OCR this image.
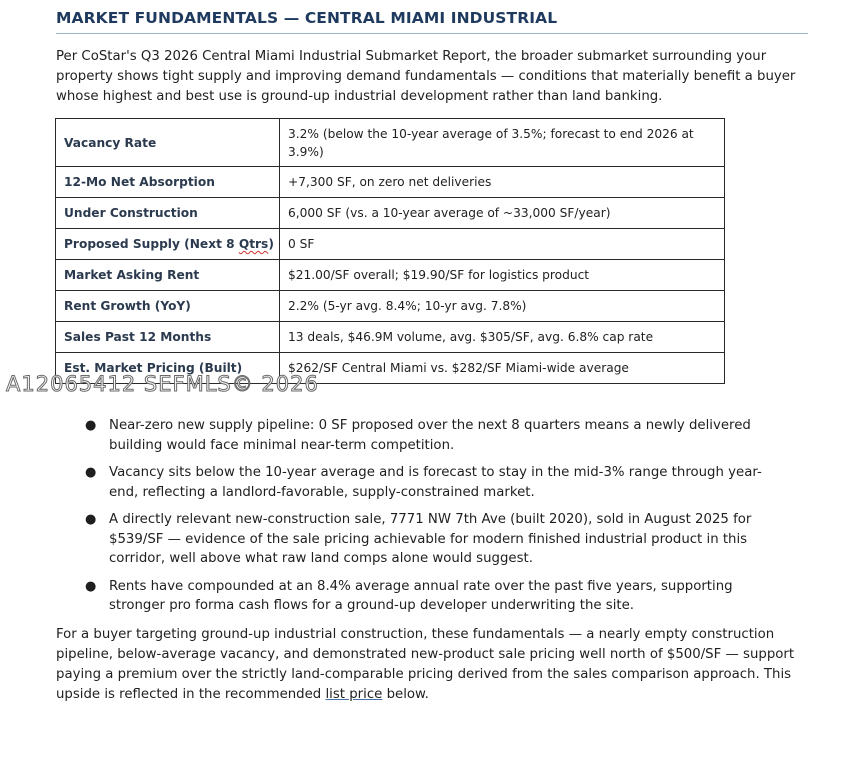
MARKET FUNDAMENTALS — CENTRAL MIAMI INDUSTRIAL

Per CoStar's Q3 2026 Central Miami Industrial Submarket Report, the broader submarket surrounding your property shows tight supply and improving demand fundamentals — conditions that materially benefit a buyer whose highest and best use is ground-up industrial development rather than land banking.

Vacancy Rate	3.2% (below the 10-year average of 3.5%; forecast to end 2026 at 3.9%)
12-Mo Net Absorption	+7,300 SF, on zero net deliveries
Under Construction	6,000 SF (vs. a 10-year average of ~33,000 SF/year)
Proposed Supply (Next 8 Qtrs)	0 SF
Market Asking Rent	$21.00/SF overall; $19.90/SF for logistics product
Rent Growth (YoY)	2.2% (5-yr avg. 8.4%; 10-yr avg. 7.8%)
Sales Past 12 Months	13 deals, $46.9M volume, avg. $305/SF, avg. 6.8% cap rate
Est. Market Pricing (Built)	$262/SF Central Miami vs. $282/SF Miami-wide average
A12065412 SEFMLS© 2026
● Near-zero new supply pipeline: 0 SF proposed over the next 8 quarters means a newly delivered building would face minimal near-term competition.
● Vacancy sits below the 10-year average and is forecast to stay in the mid-3% range through year-end, reflecting a landlord-favorable, supply-constrained market.
● A directly relevant new-construction sale, 7771 NW 7th Ave (built 2020), sold in August 2025 for $539/SF — evidence of the sale pricing achievable for modern finished industrial product in this corridor, well above what raw land comps alone would suggest.
● Rents have compounded at an 8.4% average annual rate over the past five years, supporting stronger pro forma cash flows for a ground-up developer underwriting the site.

For a buyer targeting ground-up industrial construction, these fundamentals — a nearly empty construction pipeline, below-average vacancy, and demonstrated new-product sale pricing well north of $500/SF — support paying a premium over the strictly land-comparable pricing derived from the sales comparison approach. This upside is reflected in the recommended list price below.
